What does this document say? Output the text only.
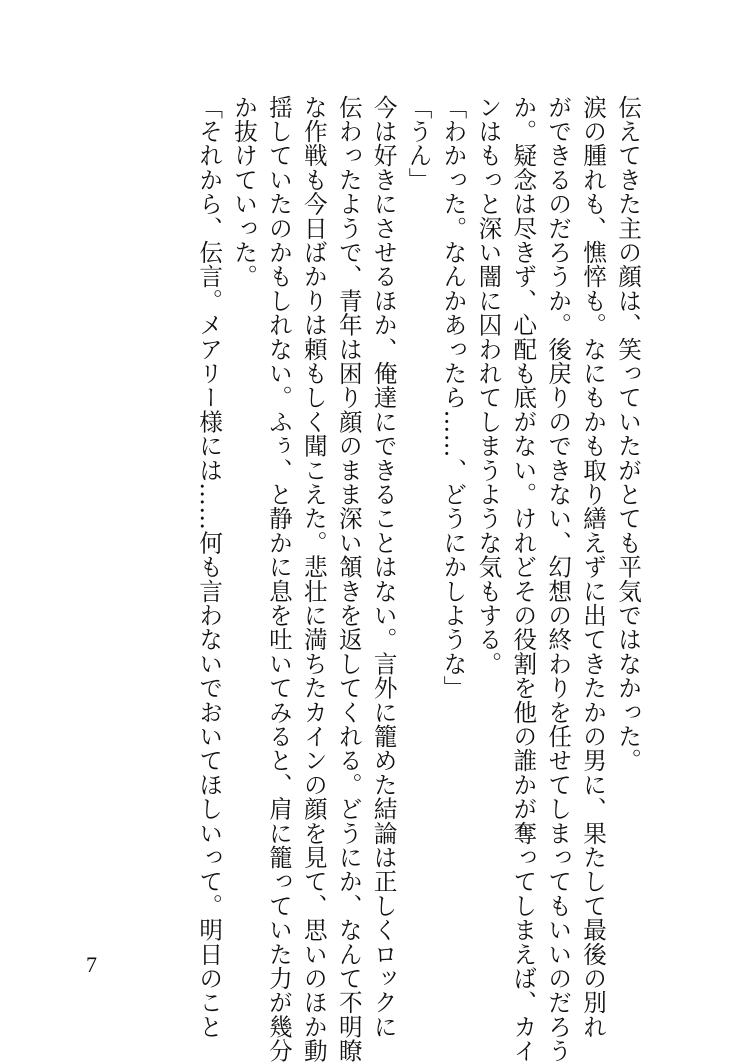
伝えてきた主の顔は、笑っていたがとても平気ではなかった。

涙の腫れも、憔悴も。なにもかも取り繕えずに出てきたかの男に、果たして最後の別れ

ができるのだろうか。後戻りのできない、幻想の終わりを任せてしまってもいいのだろう

か。疑念は尽きず、心配も底がない。けれどその役割を他の誰かが奪ってしまえば、カイ

ンはもっと深い闇に囚われてしまうような気もする。

「わかった。なんかあったら……、どうにかしような」

「うん」

今は好きにさせるほか、俺達にできることはない。言外に籠めた結論は正しくロックに

伝わったようで、青年は困り顔のまま深い頷きを返してくれる。どうにか、なんて不明瞭

な作戦も今日ばかりは頼もしく聞こえた。悲壮に満ちたカインの顔を見て、思いのほか動

揺していたのかもしれない。ふぅ、と静かに息を吐いてみると、肩に籠っていた力が幾分

か抜けていった。

「それから、伝言。メアリー様には……何も言わないでおいてほしいって。明日のこと

7
